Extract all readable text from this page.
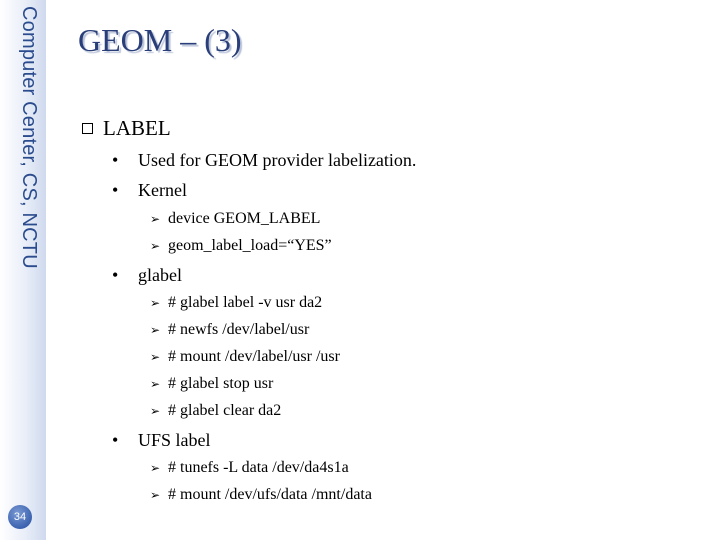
Computer Center, CS, NCTU
34
GEOM – (3)
LABEL
•	Used for GEOM provider labelization.
•	Kernel
➢ device GEOM_LABEL
➢ geom_label_load=“YES”
•	glabel
➢ # glabel label -v usr da2
➢ # newfs /dev/label/usr
➢ # mount /dev/label/usr /usr
➢ # glabel stop usr
➢ # glabel clear da2
•	UFS label
➢ # tunefs -L data /dev/da4s1a
➢ # mount /dev/ufs/data /mnt/data
